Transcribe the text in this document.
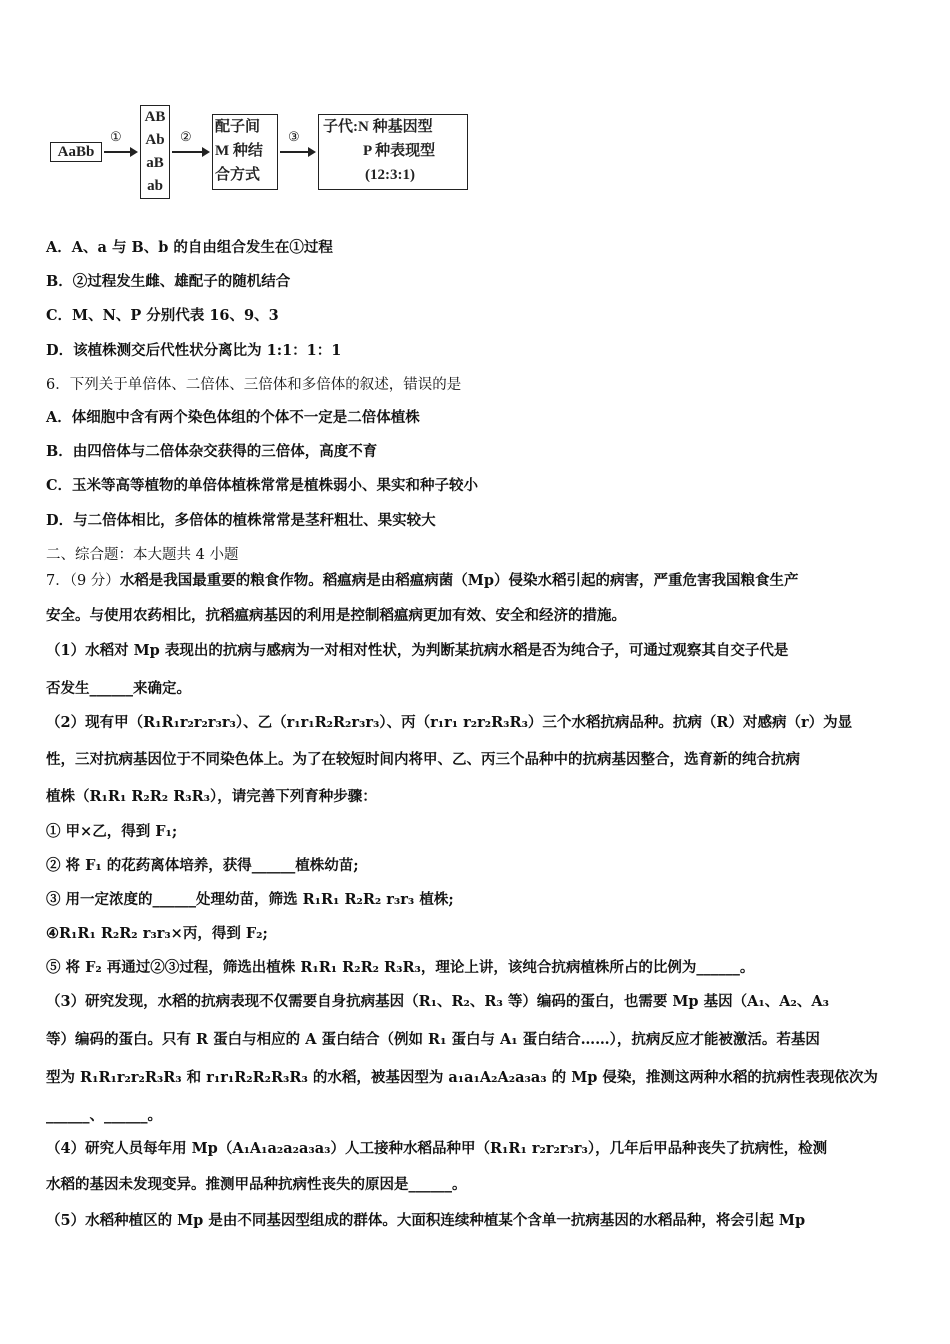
AaBb
①
AB
Ab
aB
ab
②
配子间
M 种结
合方式
③
子代:N 种基因型
P 种表现型
(12:3:1)
A．A、a 与 B、b 的自由组合发生在①过程
B．②过程发生雌、雄配子的随机结合
C．M、N、P 分别代表 16、9、3
D．该植株测交后代性状分离比为 1:1：1：1
6．下列关于单倍体、二倍体、三倍体和多倍体的叙述，错误的是
A．体细胞中含有两个染色体组的个体不一定是二倍体植株
B．由四倍体与二倍体杂交获得的三倍体，高度不育
C．玉米等高等植物的单倍体植株常常是植株弱小、果实和种子较小
D．与二倍体相比，多倍体的植株常常是茎秆粗壮、果实较大
二、综合题：本大题共 4 小题
7．（9 分）水稻是我国最重要的粮食作物。稻瘟病是由稻瘟病菌（Mp）侵染水稻引起的病害，严重危害我国粮食生产
安全。与使用农药相比，抗稻瘟病基因的利用是控制稻瘟病更加有效、安全和经济的措施。
（1）水稻对 Mp 表现出的抗病与感病为一对相对性状，为判断某抗病水稻是否为纯合子，可通过观察其自交子代是
否发生______来确定。
（2）现有甲（R₁R₁r₂r₂r₃r₃）、乙（r₁r₁R₂R₂r₃r₃）、丙（r₁r₁ r₂r₂R₃R₃）三个水稻抗病品种。抗病（R）对感病（r）为显
性，三对抗病基因位于不同染色体上。为了在较短时间内将甲、乙、丙三个品种中的抗病基因整合，选育新的纯合抗病
植株（R₁R₁ R₂R₂ R₃R₃），请完善下列育种步骤：
① 甲×乙，得到 F₁;
② 将 F₁ 的花药离体培养，获得______植株幼苗;
③ 用一定浓度的______处理幼苗，筛选 R₁R₁ R₂R₂ r₃r₃ 植株;
④R₁R₁ R₂R₂ r₃r₃×丙，得到 F₂;
⑤ 将 F₂ 再通过②③过程，筛选出植株 R₁R₁ R₂R₂ R₃R₃，理论上讲，该纯合抗病植株所占的比例为______。
（3）研究发现，水稻的抗病表现不仅需要自身抗病基因（R₁、R₂、R₃ 等）编码的蛋白，也需要 Mp 基因（A₁、A₂、A₃
等）编码的蛋白。只有 R 蛋白与相应的 A 蛋白结合（例如 R₁ 蛋白与 A₁ 蛋白结合……），抗病反应才能被激活。若基因
型为 R₁R₁r₂r₂R₃R₃ 和 r₁r₁R₂R₂R₃R₃ 的水稻，被基因型为 a₁a₁A₂A₂a₃a₃ 的 Mp 侵染，推测这两种水稻的抗病性表现依次为
______、______。
（4）研究人员每年用 Mp（A₁A₁a₂a₂a₃a₃）人工接种水稻品种甲（R₁R₁ r₂r₂r₃r₃），几年后甲品种丧失了抗病性，检测
水稻的基因未发现变异。推测甲品种抗病性丧失的原因是______。
（5）水稻种植区的 Mp 是由不同基因型组成的群体。大面积连续种植某个含单一抗病基因的水稻品种，将会引起 Mp
